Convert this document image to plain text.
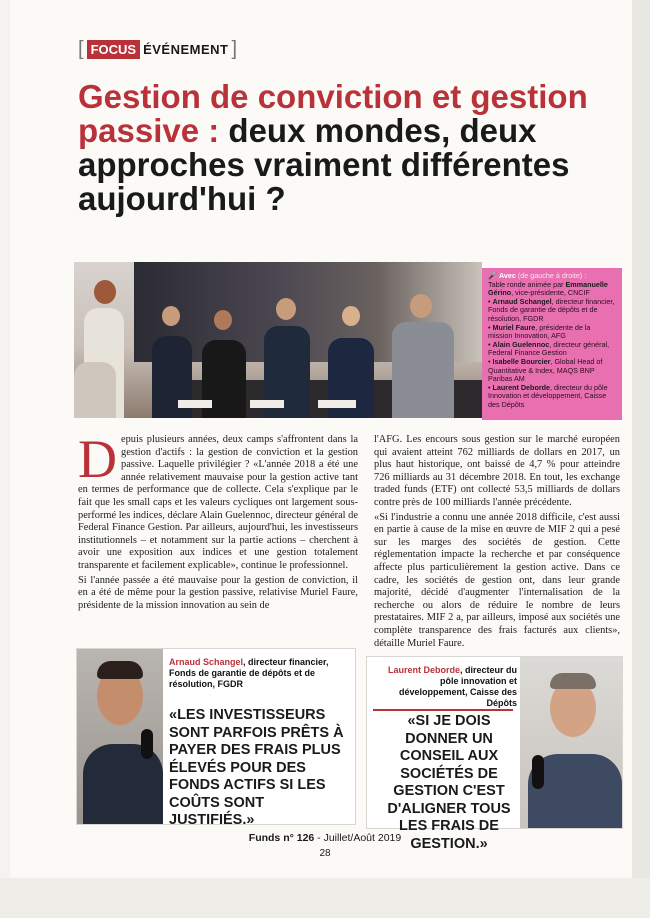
[ FOCUS ÉVÉNEMENT ]
Gestion de conviction et gestion passive : deux mondes, deux approches vraiment différentes aujourd'hui ?
🎤 Avec (de gauche à droite) :
Table ronde animée par Emmanuelle Gérino, vice-présidente, CNCIF
• Arnaud Schangel, directeur financier, Fonds de garantie de dépôts et de résolution, FGDR
• Muriel Faure, présidente de la mission Innovation, AFG
• Alain Guelennoc, directeur général, Federal Finance Gestion
• Isabelle Bourcier, Global Head of Quantitative & Index, MAQS BNP Paribas AM
• Laurent Deborde, directeur du pôle Innovation et développement, Caisse des Dépôts
D epuis plusieurs années, deux camps s'affrontent dans la gestion d'actifs : la gestion de conviction et la gestion passive. Laquelle privilégier ? «L'année 2018 a été une année relativement mauvaise pour la gestion active tant en termes de performance que de collecte. Cela s'explique par le fait que les small caps et les valeurs cycliques ont largement sous-performé les indices, déclare Alain Guelennoc, directeur général de Federal Finance Gestion. Par ailleurs, aujourd'hui, les investisseurs institutionnels – et notamment sur la partie actions – cherchent à avoir une exposition aux indices et une gestion totalement transparente et facilement explicable», continue le professionnel.

Si l'année passée a été mauvaise pour la gestion de conviction, il en a été de même pour la gestion passive, relativise Muriel Faure, présidente de la mission innovation au sein de

l'AFG. Les encours sous gestion sur le marché européen qui avaient atteint 762 milliards de dollars en 2017, un plus haut historique, ont baissé de 4,7 % pour atteindre 726 milliards au 31 décembre 2018. En tout, les exchange traded funds (ETF) ont collecté 53,5 milliards de dollars contre près de 100 milliards l'année précédente.

«Si l'industrie a connu une année 2018 difficile, c'est aussi en partie à cause de la mise en œuvre de MIF 2 qui a pesé sur les marges des sociétés de gestion. Cette réglementation impacte la recherche et par conséquence affecte plus particulièrement la gestion active. Dans ce cadre, les sociétés de gestion ont, dans leur grande majorité, décidé d'augmenter l'internalisation de la recherche ou alors de réduire le nombre de leurs prestataires. MIF 2 a, par ailleurs, imposé aux sociétés une complète transparence des frais facturés aux clients», détaille Muriel Faure.

Arnaud Schangel, directeur financier, Fonds de garantie de dépôts et de résolution, FGDR
«LES INVESTISSEURS SONT PARFOIS PRÊTS À PAYER DES FRAIS PLUS ÉLEVÉS POUR DES FONDS ACTIFS SI LES COÛTS SONT JUSTIFIÉS.»
Laurent Deborde, directeur du pôle innovation et développement, Caisse des Dépôts
«SI JE DOIS DONNER UN CONSEIL AUX SOCIÉTÉS DE GESTION C'EST D'ALIGNER TOUS LES FRAIS DE GESTION.»
Funds n° 126 - Juillet/Août 2019
28
